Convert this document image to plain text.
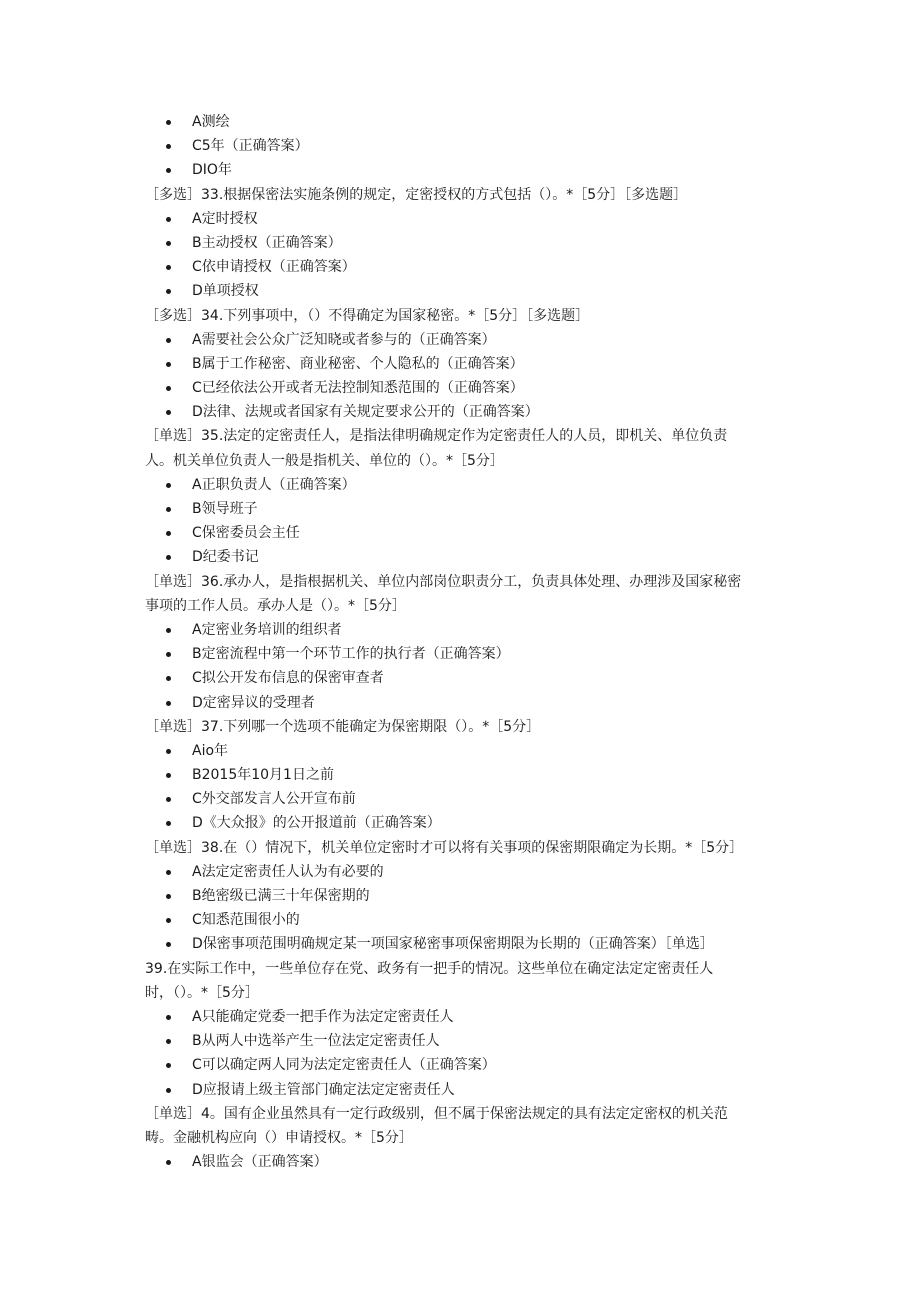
A测绘
C5年（正确答案）
DIO年
［多选］33.根据保密法实施条例的规定，定密授权的方式包括（）。*［5分］［多选题］
A定时授权
B主动授权（正确答案）
C依申请授权（正确答案）
D单项授权
［多选］34.下列事项中，（）不得确定为国家秘密。*［5分］［多选题］
A需要社会公众广泛知晓或者参与的（正确答案）
B属于工作秘密、商业秘密、个人隐私的（正确答案）
C已经依法公开或者无法控制知悉范围的（正确答案）
D法律、法规或者国家有关规定要求公开的（正确答案）
［单选］35.法定的定密责任人，是指法律明确规定作为定密责任人的人员，即机关、单位负责
人。机关单位负责人一般是指机关、单位的（）。*［5分］
A正职负责人（正确答案）
B领导班子
C保密委员会主任
D纪委书记
［单选］36.承办人，是指根据机关、单位内部岗位职责分工，负责具体处理、办理涉及国家秘密
事项的工作人员。承办人是（）。*［5分］
A定密业务培训的组织者
B定密流程中第一个环节工作的执行者（正确答案）
C拟公开发布信息的保密审查者
D定密异议的受理者
［单选］37.下列哪一个选项不能确定为保密期限（）。*［5分］
Aio年
B2015年10月1日之前
C外交部发言人公开宣布前
D《大众报》的公开报道前（正确答案）
［单选］38.在（）情况下，机关单位定密时才可以将有关事项的保密期限确定为长期。*［5分］
A法定定密责任人认为有必要的
B绝密级已满三十年保密期的
C知悉范围很小的
D保密事项范围明确规定某一项国家秘密事项保密期限为长期的（正确答案）［单选］
39.在实际工作中，一些单位存在党、政务有一把手的情况。这些单位在确定法定定密责任人
时，（）。*［5分］
A只能确定党委一把手作为法定定密责任人
B从两人中选举产生一位法定定密责任人
C可以确定两人同为法定定密责任人（正确答案）
D应报请上级主管部门确定法定定密责任人
［单选］4。国有企业虽然具有一定行政级别，但不属于保密法规定的具有法定定密权的机关范
畴。金融机构应向（）申请授权。*［5分］
A银监会（正确答案）
